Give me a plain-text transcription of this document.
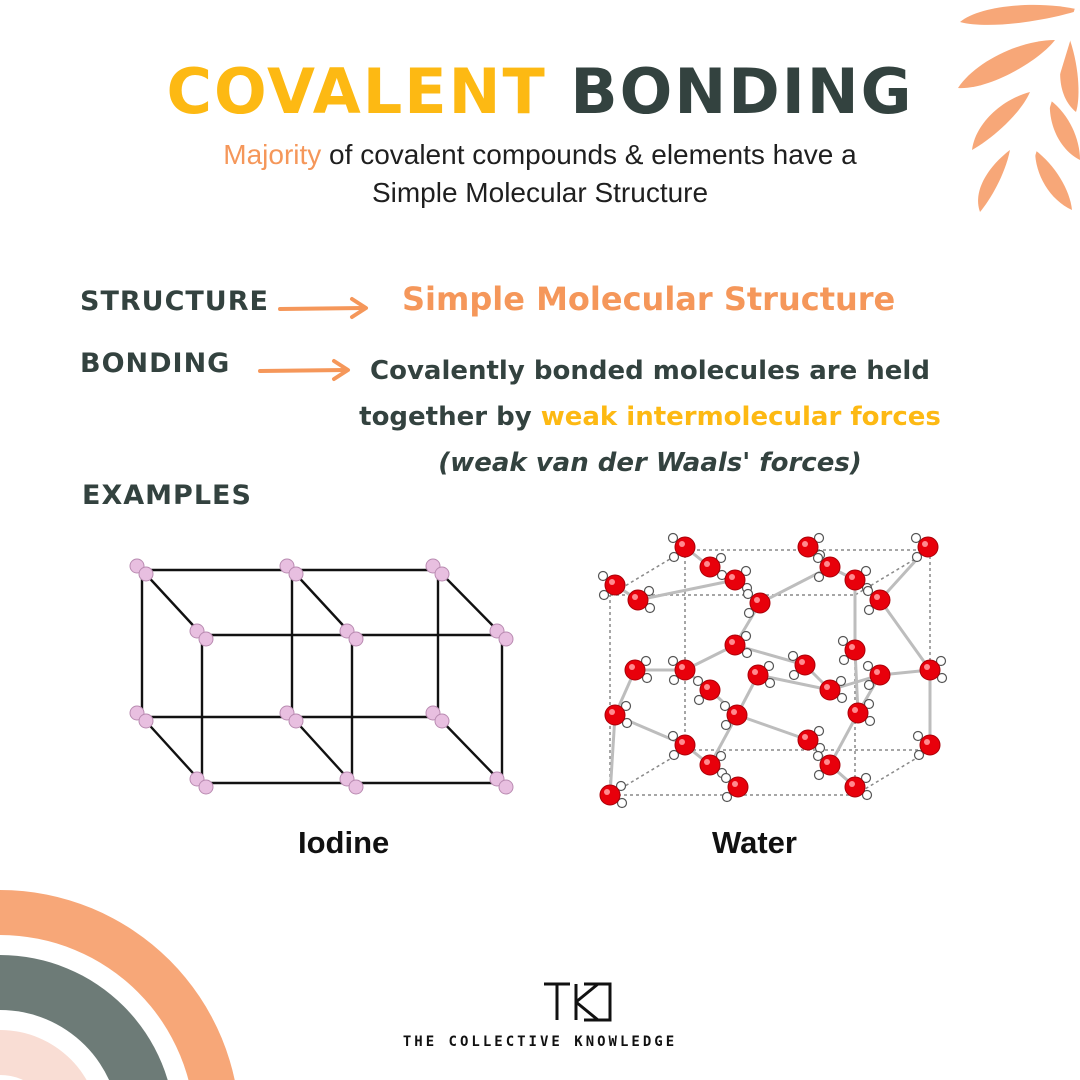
COVALENT BONDING
Majority of covalent compounds & elements have a
Simple Molecular Structure
STRUCTURE	Simple Molecular Structure
BONDING	Covalently bonded molecules are held
together by weak intermolecular forces
(weak van der Waals' forces)
EXAMPLES
Iodine	Water
THE COLLECTIVE KNOWLEDGE
